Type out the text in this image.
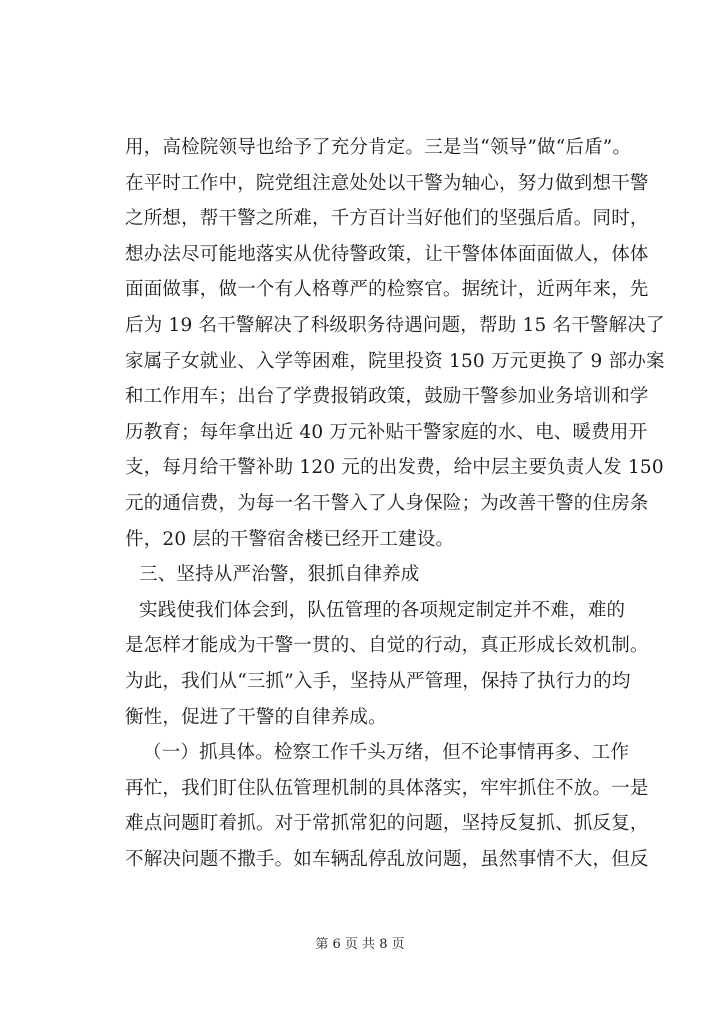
用，高检院领导也给予了充分肯定。三是当“领导”做“后盾”。
在平时工作中，院党组注意处处以干警为轴心，努力做到想干警
之所想，帮干警之所难，千方百计当好他们的坚强后盾。同时，
想办法尽可能地落实从优待警政策，让干警体体面面做人，体体
面面做事，做一个有人格尊严的检察官。据统计，近两年来，先
后为 19 名干警解决了科级职务待遇问题，帮助 15 名干警解决了
家属子女就业、入学等困难，院里投资 150 万元更换了 9 部办案
和工作用车；出台了学费报销政策，鼓励干警参加业务培训和学
历教育；每年拿出近 40 万元补贴干警家庭的水、电、暖费用开
支，每月给干警补助 120 元的出发费，给中层主要负责人发 150
元的通信费，为每一名干警入了人身保险；为改善干警的住房条
件，20 层的干警宿舍楼已经开工建设。
三、坚持从严治警，狠抓自律养成
实践使我们体会到，队伍管理的各项规定制定并不难，难的
是怎样才能成为干警一贯的、自觉的行动，真正形成长效机制。
为此，我们从“三抓”入手，坚持从严管理，保持了执行力的均
衡性，促进了干警的自律养成。
（一）抓具体。检察工作千头万绪，但不论事情再多、工作
再忙，我们盯住队伍管理机制的具体落实，牢牢抓住不放。一是
难点问题盯着抓。对于常抓常犯的问题，坚持反复抓、抓反复，
不解决问题不撒手。如车辆乱停乱放问题，虽然事情不大，但反
第 6 页 共 8 页
